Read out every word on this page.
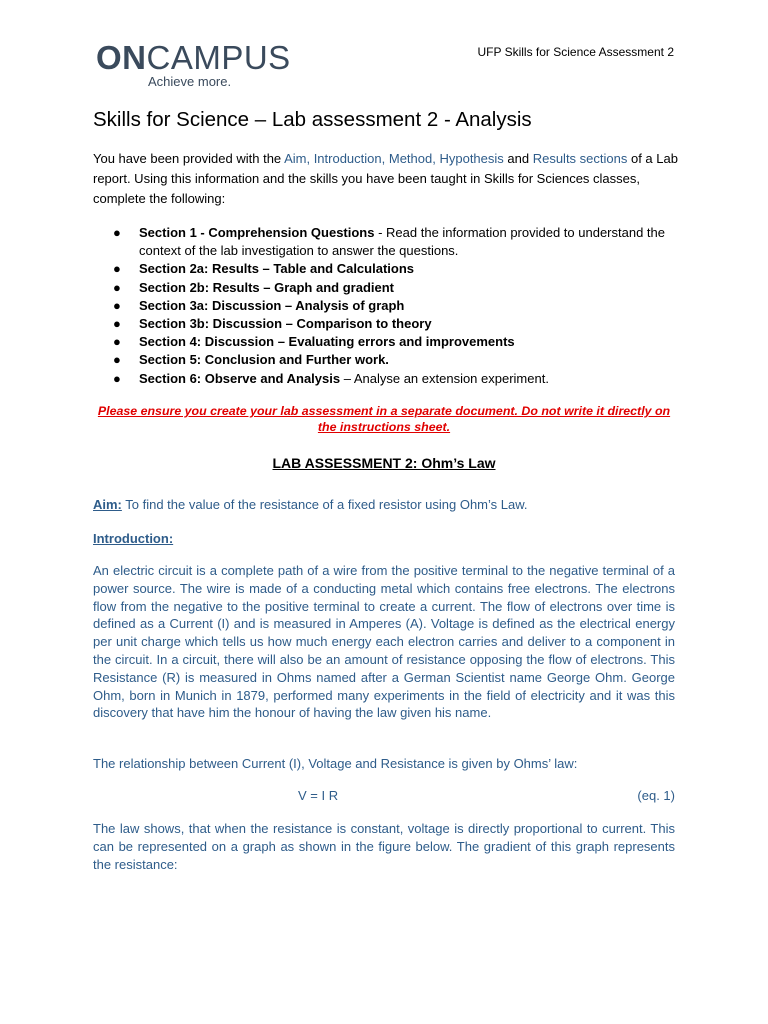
ONCAMPUS
Achieve more.
UFP Skills for Science Assessment 2
Skills for Science – Lab assessment 2 - Analysis

You have been provided with the Aim, Introduction, Method, Hypothesis and Results sections of a Lab report. Using this information and the skills you have been taught in Skills for Sciences classes, complete the following:

● Section 1 - Comprehension Questions - Read the information provided to understand the context of the lab investigation to answer the questions.
● Section 2a: Results – Table and Calculations
● Section 2b: Results – Graph and gradient
● Section 3a: Discussion – Analysis of graph
● Section 3b: Discussion – Comparison to theory
● Section 4: Discussion – Evaluating errors and improvements
● Section 5: Conclusion and Further work.
● Section 6: Observe and Analysis – Analyse an extension experiment.

Please ensure you create your lab assessment in a separate document. Do not write it directly on the instructions sheet.

LAB ASSESSMENT 2: Ohm’s Law

Aim: To find the value of the resistance of a fixed resistor using Ohm’s Law.

Introduction:

An electric circuit is a complete path of a wire from the positive terminal to the negative terminal of a power source. The wire is made of a conducting metal which contains free electrons. The electrons flow from the negative to the positive terminal to create a current. The flow of electrons over time is defined as a Current (I) and is measured in Amperes (A). Voltage is defined as the electrical energy per unit charge which tells us how much energy each electron carries and deliver to a component in the circuit. In a circuit, there will also be an amount of resistance opposing the flow of electrons. This Resistance (R) is measured in Ohms named after a German Scientist name George Ohm. George Ohm, born in Munich in 1879, performed many experiments in the field of electricity and it was this discovery that have him the honour of having the law given his name.

The relationship between Current (I), Voltage and Resistance is given by Ohms’ law:

V = I R	(eq. 1)

The law shows, that when the resistance is constant, voltage is directly proportional to current. This can be represented on a graph as shown in the figure below. The gradient of this graph represents the resistance:
